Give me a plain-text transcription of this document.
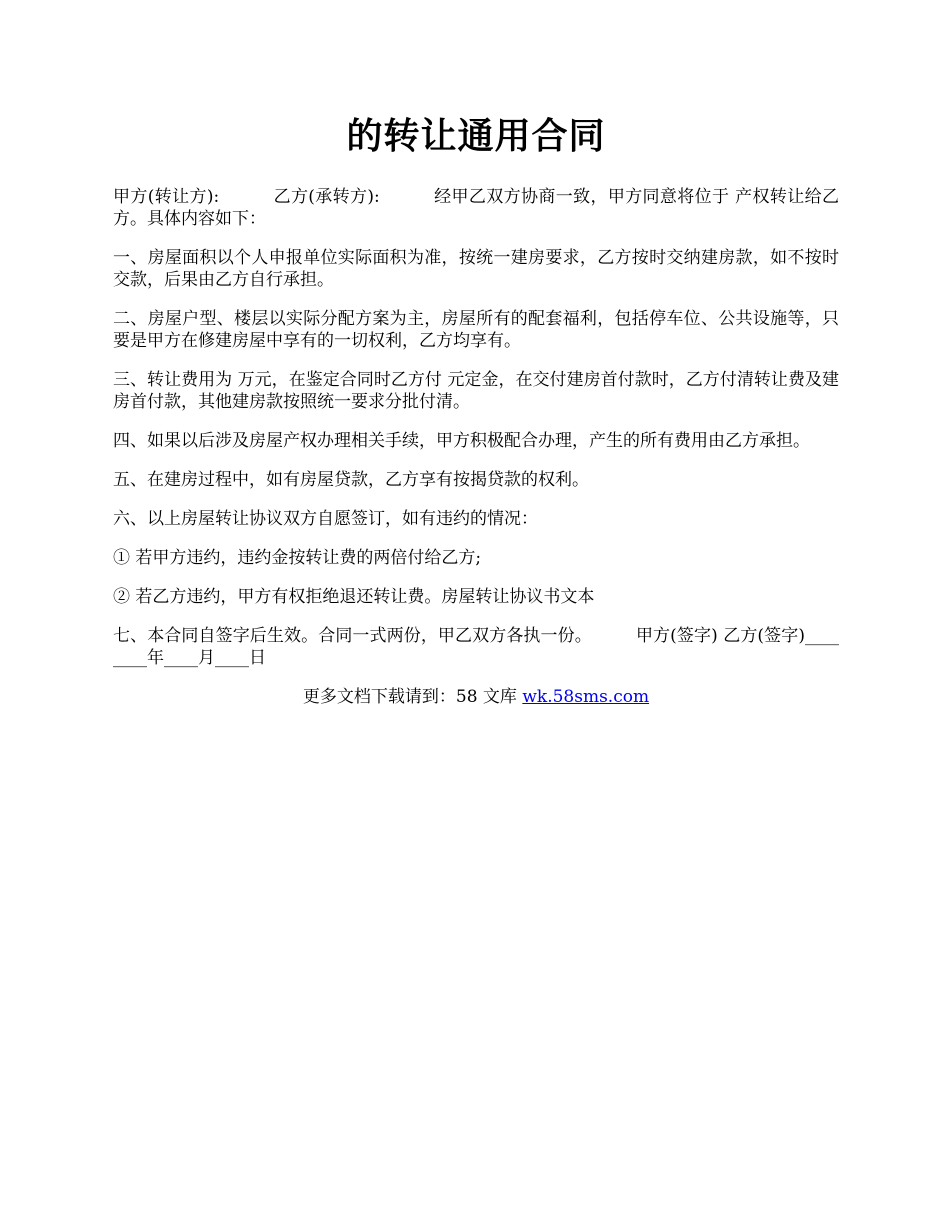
的转让通用合同

甲方(转让方):	乙方(承转方):	经甲乙双方协商一致，甲方同意将位于 产权转让给乙方。具体内容如下：

一、房屋面积以个人申报单位实际面积为准，按统一建房要求，乙方按时交纳建房款，如不按时交款，后果由乙方自行承担。

二、房屋户型、楼层以实际分配方案为主，房屋所有的配套福利，包括停车位、公共设施等，只要是甲方在修建房屋中享有的一切权利，乙方均享有。

三、转让费用为 万元，在鉴定合同时乙方付 元定金，在交付建房首付款时，乙方付清转让费及建房首付款，其他建房款按照统一要求分批付清。

四、如果以后涉及房屋产权办理相关手续，甲方积极配合办理，产生的所有费用由乙方承担。

五、在建房过程中，如有房屋贷款，乙方享有按揭贷款的权利。

六、以上房屋转让协议双方自愿签订，如有违约的情况：

① 若甲方违约，违约金按转让费的两倍付给乙方;

② 若乙方违约，甲方有权拒绝退还转让费。房屋转让协议书文本

七、本合同自签字后生效。合同一式两份，甲乙双方各执一份。	甲方(签字) 乙方(签字)________年____月____日

更多文档下载请到：58 文库 wk.58sms.com
